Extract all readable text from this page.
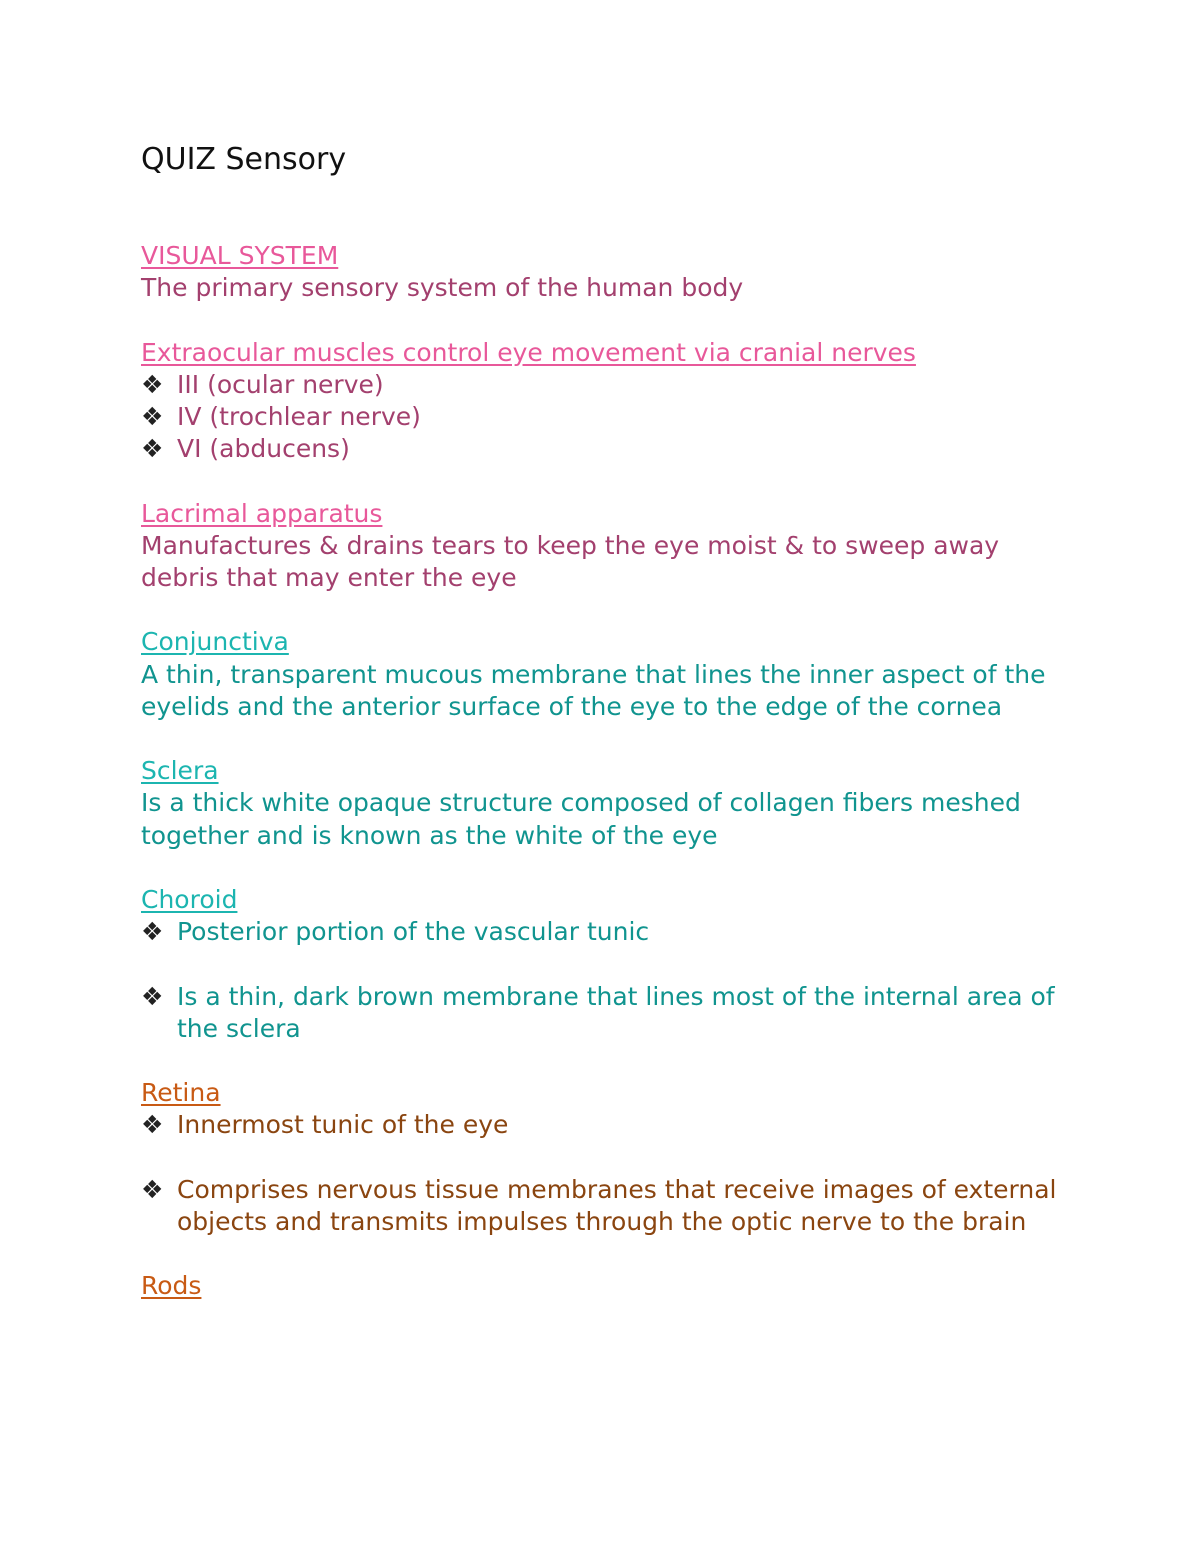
QUIZ Sensory
VISUAL SYSTEM

The primary sensory system of the human body

Extraocular muscles control eye movement via cranial nerves
❖ III (ocular nerve)
❖ IV (trochlear nerve)
❖ VI (abducens)
Lacrimal apparatus

Manufactures & drains tears to keep the eye moist & to sweep away debris that may enter the eye

Conjunctiva

A thin, transparent mucous membrane that lines the inner aspect of the eyelids and the anterior surface of the eye to the edge of the cornea

Sclera

Is a thick white opaque structure composed of collagen fibers meshed together and is known as the white of the eye

Choroid
❖ Posterior portion of the vascular tunic
❖ Is a thin, dark brown membrane that lines most of the internal area of the sclera
Retina
❖ Innermost tunic of the eye
❖ Comprises nervous tissue membranes that receive images of external objects and transmits impulses through the optic nerve to the brain
Rods
